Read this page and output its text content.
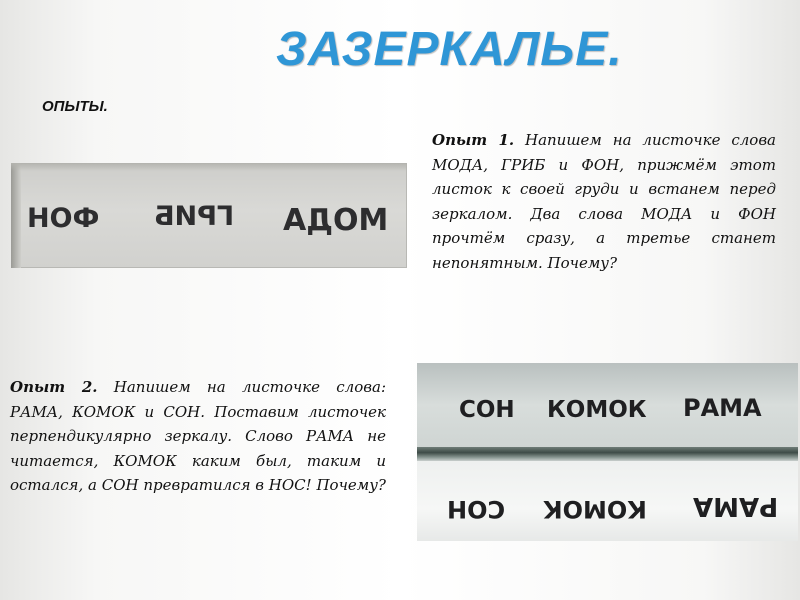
ЗАЗЕРКАЛЬЕ.
ОПЫТЫ.
ФОН ГРИБ МОДА

Опыт 1. Напишем на листочке слова МОДА, ГРИБ и ФОН, прижмём этот листок к своей груди и встанем перед зеркалом. Два слова МОДА и ФОН прочтём сразу, а третье станет непонятным. Почему?

Опыт 2. Напишем на листочке слова: РАМА, КОМОК и СОН. Поставим листочек перпендикулярно зеркалу. Слово РАМА не читается, КОМОК каким был, таким и остался, а СОН превратился в НОС! Почему?

СОН КОМОК РАМА
СОН КОМОК РАМА
